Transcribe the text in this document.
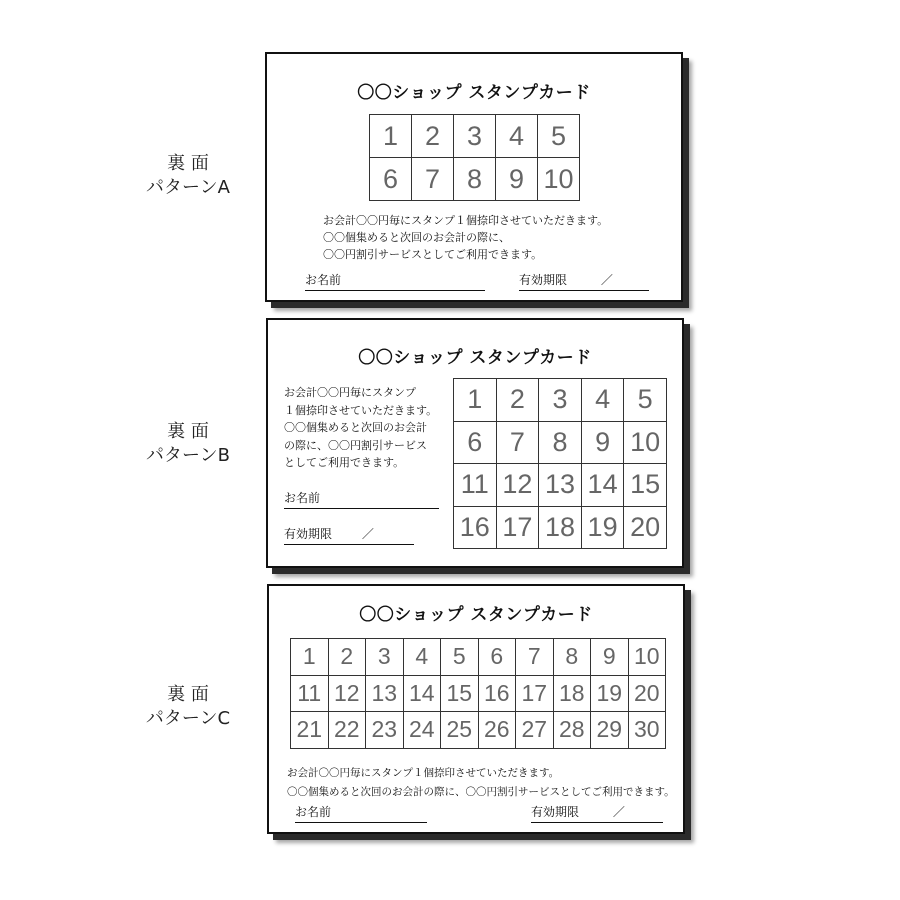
裏 面
パターンA
〇〇ショップ スタンプカード
1 2 3 4 5
6 7 8 9 10
お会計〇〇円毎にスタンプ１個捺印させていただきます。
〇〇個集めると次回のお会計の際に、
〇〇円割引サービスとしてご利用できます。
お名前	有効期限	／
裏 面
パターンB
〇〇ショップ スタンプカード
1	2	3	4	5
6	7	8	9 10
11 12 13 14 15
16 17 18 19 20
お会計〇〇円毎にスタンプ
１個捺印させていただきます。
〇〇個集めると次回のお会計
の際に、〇〇円割引サービス
としてご利用できます。
お名前
有効期限 ／
裏 面
パターンC
〇〇ショップ スタンプカード
1	2	3	4	5	6	7	8	9 10
11 12 13 14 15 16 17 18 19 20
21 22 23 24 25 26 27 28 29 30
お会計〇〇円毎にスタンプ１個捺印させていただきます。
〇〇個集めると次回のお会計の際に、〇〇円割引サービスとしてご利用できます。
お名前	有効期限	／
